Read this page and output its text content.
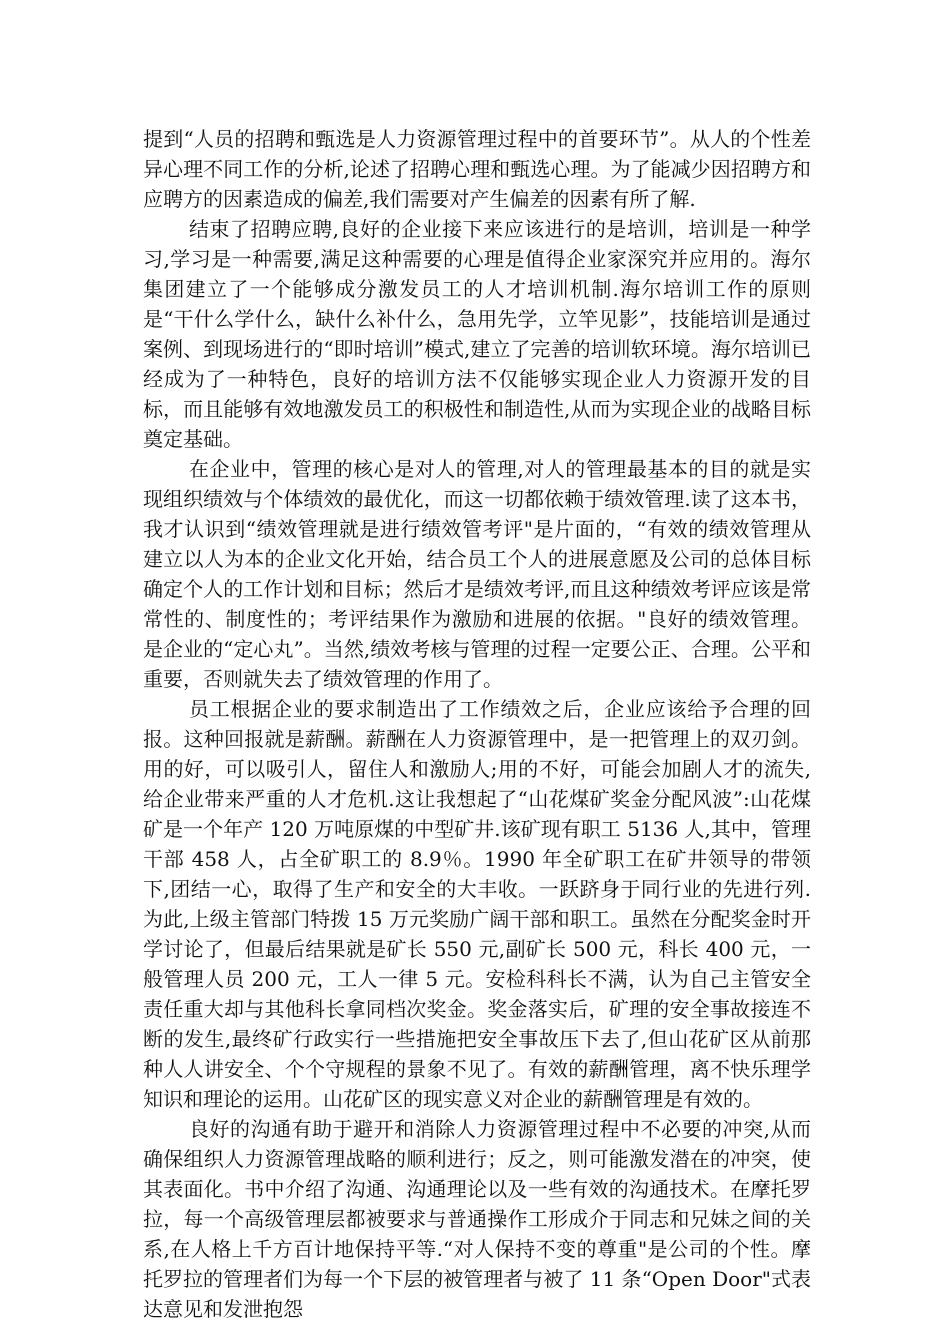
提到“人员的招聘和甄选是人力资源管理过程中的首要环节”。从人的个性差异心理不同工作的分析,论述了招聘心理和甄选心理。为了能减少因招聘方和应聘方的因素造成的偏差,我们需要对产生偏差的因素有所了解.

结束了招聘应聘,良好的企业接下来应该进行的是培训，培训是一种学习,学习是一种需要,满足这种需要的心理是值得企业家深究并应用的。海尔集团建立了一个能够成分激发员工的人才培训机制.海尔培训工作的原则是“干什么学什么，缺什么补什么，急用先学，立竿见影”，技能培训是通过案例、到现场进行的“即时培训”模式,建立了完善的培训软环境。海尔培训已经成为了一种特色，良好的培训方法不仅能够实现企业人力资源开发的目标，而且能够有效地激发员工的积极性和制造性,从而为实现企业的战略目标奠定基础。

在企业中，管理的核心是对人的管理,对人的管理最基本的目的就是实现组织绩效与个体绩效的最优化，而这一切都依赖于绩效管理.读了这本书，我才认识到“绩效管理就是进行绩效管考评"是片面的，“有效的绩效管理从建立以人为本的企业文化开始，结合员工个人的进展意愿及公司的总体目标确定个人的工作计划和目标；然后才是绩效考评,而且这种绩效考评应该是常常性的、制度性的；考评结果作为激励和进展的依据。"良好的绩效管理。是企业的“定心丸”。当然,绩效考核与管理的过程一定要公正、合理。公平和重要，否则就失去了绩效管理的作用了。

员工根据企业的要求制造出了工作绩效之后，企业应该给予合理的回报。这种回报就是薪酬。薪酬在人力资源管理中，是一把管理上的双刃剑。用的好，可以吸引人，留住人和激励人;用的不好，可能会加剧人才的流失,给企业带来严重的人才危机.这让我想起了“山花煤矿奖金分配风波”:山花煤矿是一个年产 120 万吨原煤的中型矿井.该矿现有职工 5136 人,其中，管理干部 458 人，占全矿职工的 8.9％。1990 年全矿职工在矿井领导的带领下,团结一心，取得了生产和安全的大丰收。一跃跻身于同行业的先进行列.为此,上级主管部门特拨 15 万元奖励广阔干部和职工。虽然在分配奖金时开学讨论了，但最后结果就是矿长 550 元,副矿长 500 元，科长 400 元，一般管理人员 200 元，工人一律 5 元。安检科科长不满，认为自己主管安全责任重大却与其他科长拿同档次奖金。奖金落实后，矿理的安全事故接连不断的发生,最终矿行政实行一些措施把安全事故压下去了,但山花矿区从前那种人人讲安全、个个守规程的景象不见了。有效的薪酬管理，离不快乐理学知识和理论的运用。山花矿区的现实意义对企业的薪酬管理是有效的。

良好的沟通有助于避开和消除人力资源管理过程中不必要的冲突,从而确保组织人力资源管理战略的顺利进行；反之，则可能激发潜在的冲突，使其表面化。书中介绍了沟通、沟通理论以及一些有效的沟通技术。在摩托罗拉，每一个高级管理层都被要求与普通操作工形成介于同志和兄妹之间的关系,在人格上千方百计地保持平等.“对人保持不变的尊重"是公司的个性。摩托罗拉的管理者们为每一个下层的被管理者与被了 11 条“Open Door"式表达意见和发泄抱怨
